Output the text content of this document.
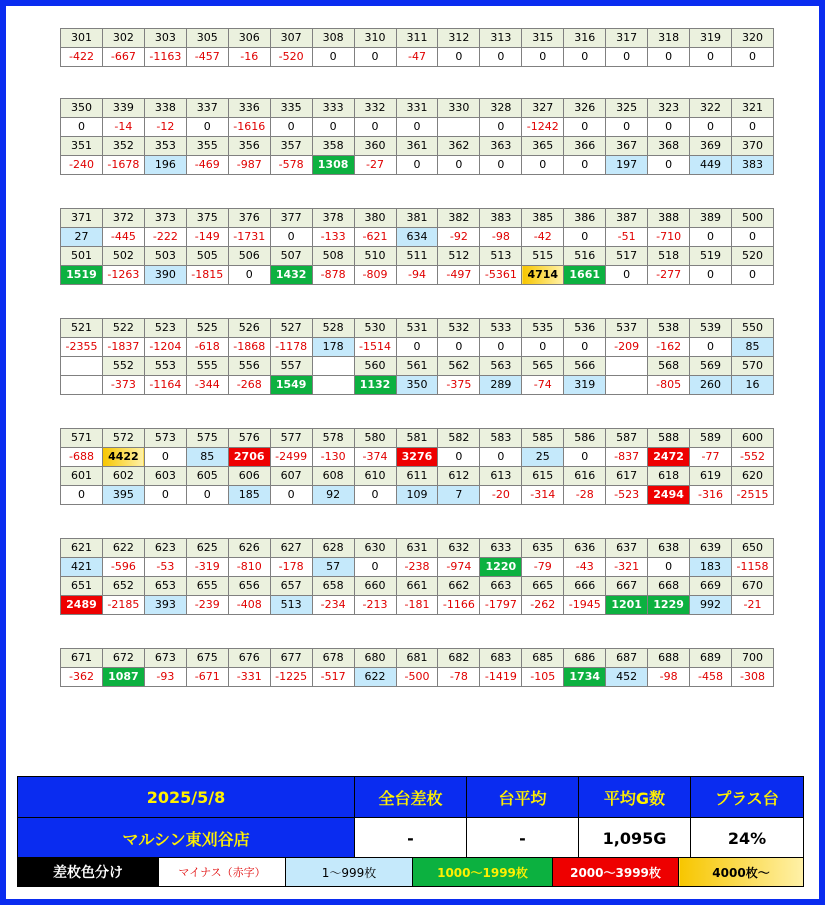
301	302	303	305	306	307	308	310	311	312	313	315	316	317	318	319	320
-422	-667	-1163	-457	-16	-520	0	0	-47	0	0	0	0	0	0	0	0
350	339	338	337	336	335	333	332	331	330	328	327	326	325	323	322	321
0	-14	-12	0	-1616	0	0	0	0		0	-1242	0	0	0	0	0
351	352	353	355	356	357	358	360	361	362	363	365	366	367	368	369	370
-240	-1678	196	-469	-987	-578	1308	-27	0	0	0	0	0	197	0	449	383
371	372	373	375	376	377	378	380	381	382	383	385	386	387	388	389	500
27	-445	-222	-149	-1731	0	-133	-621	634	-92	-98	-42	0	-51	-710	0	0
501	502	503	505	506	507	508	510	511	512	513	515	516	517	518	519	520
1519	-1263	390	-1815	0	1432	-878	-809	-94	-497	-5361	4714	1661	0	-277	0	0
521	522	523	525	526	527	528	530	531	532	533	535	536	537	538	539	550
-2355	-1837	-1204	-618	-1868	-1178	178	-1514	0	0	0	0	0	-209	-162	0	85
	552	553	555	556	557		560	561	562	563	565	566		568	569	570
	-373	-1164	-344	-268	1549		1132	350	-375	289	-74	319		-805	260	16
571	572	573	575	576	577	578	580	581	582	583	585	586	587	588	589	600
-688	4422	0	85	2706	-2499	-130	-374	3276	0	0	25	0	-837	2472	-77	-552
601	602	603	605	606	607	608	610	611	612	613	615	616	617	618	619	620
0	395	0	0	185	0	92	0	109	7	-20	-314	-28	-523	2494	-316	-2515
621	622	623	625	626	627	628	630	631	632	633	635	636	637	638	639	650
421	-596	-53	-319	-810	-178	57	0	-238	-974	1220	-79	-43	-321	0	183	-1158
651	652	653	655	656	657	658	660	661	662	663	665	666	667	668	669	670
2489	-2185	393	-239	-408	513	-234	-213	-181	-1166	-1797	-262	-1945	1201	1229	992	-21
671	672	673	675	676	677	678	680	681	682	683	685	686	687	688	689	700
-362	1087	-93	-671	-331	-1225	-517	622	-500	-78	-1419	-105	1734	452	-98	-458	-308
2025/5/8	全台差枚	台平均	平均G数	プラス台
マルシン東刈谷店	-	-	1,095G	24%
差枚色分け	マイナス（赤字）	1〜999枚	1000〜1999枚	2000〜3999枚	4000枚〜
